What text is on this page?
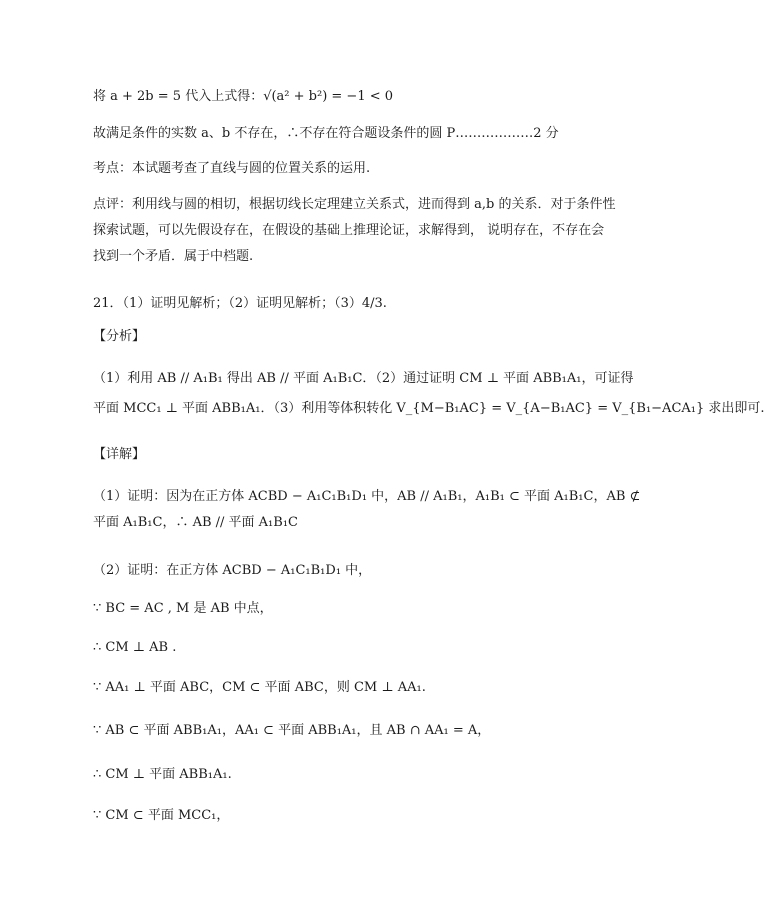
将 a + 2b = 5 代入上式得：√(a² + b²) = −1 < 0
故满足条件的实数 a、b 不存在，∴不存在符合题设条件的圆 P………………2 分
考点：本试题考查了直线与圆的位置关系的运用.
点评：利用线与圆的相切，根据切线长定理建立关系式，进而得到 a,b 的关系．对于条件性
探索试题，可以先假设存在，在假设的基础上推理论证，求解得到， 说明存在，不存在会
找到一个矛盾．属于中档题.
21．（1）证明见解析；（2）证明见解析；（3）4/3.
【分析】
（1）利用 AB // A₁B₁ 得出 AB // 平面 A₁B₁C．（2）通过证明 CM ⊥ 平面 ABB₁A₁，可证得
平面 MCC₁ ⊥ 平面 ABB₁A₁．（3）利用等体积转化 V_{M−B₁AC} = V_{A−B₁AC} = V_{B₁−ACA₁} 求出即可.
【详解】
（1）证明：因为在正方体 ACBD − A₁C₁B₁D₁ 中，AB // A₁B₁，A₁B₁ ⊂ 平面 A₁B₁C，AB ⊄
平面 A₁B₁C，∴ AB // 平面 A₁B₁C
（2）证明：在正方体 ACBD − A₁C₁B₁D₁ 中，
∵ BC = AC , M 是 AB 中点，
∴ CM ⊥ AB .
∵ AA₁ ⊥ 平面 ABC，CM ⊂ 平面 ABC，则 CM ⊥ AA₁.
∵ AB ⊂ 平面 ABB₁A₁，AA₁ ⊂ 平面 ABB₁A₁，且 AB ∩ AA₁ = A，
∴ CM ⊥ 平面 ABB₁A₁.
∵ CM ⊂ 平面 MCC₁，
